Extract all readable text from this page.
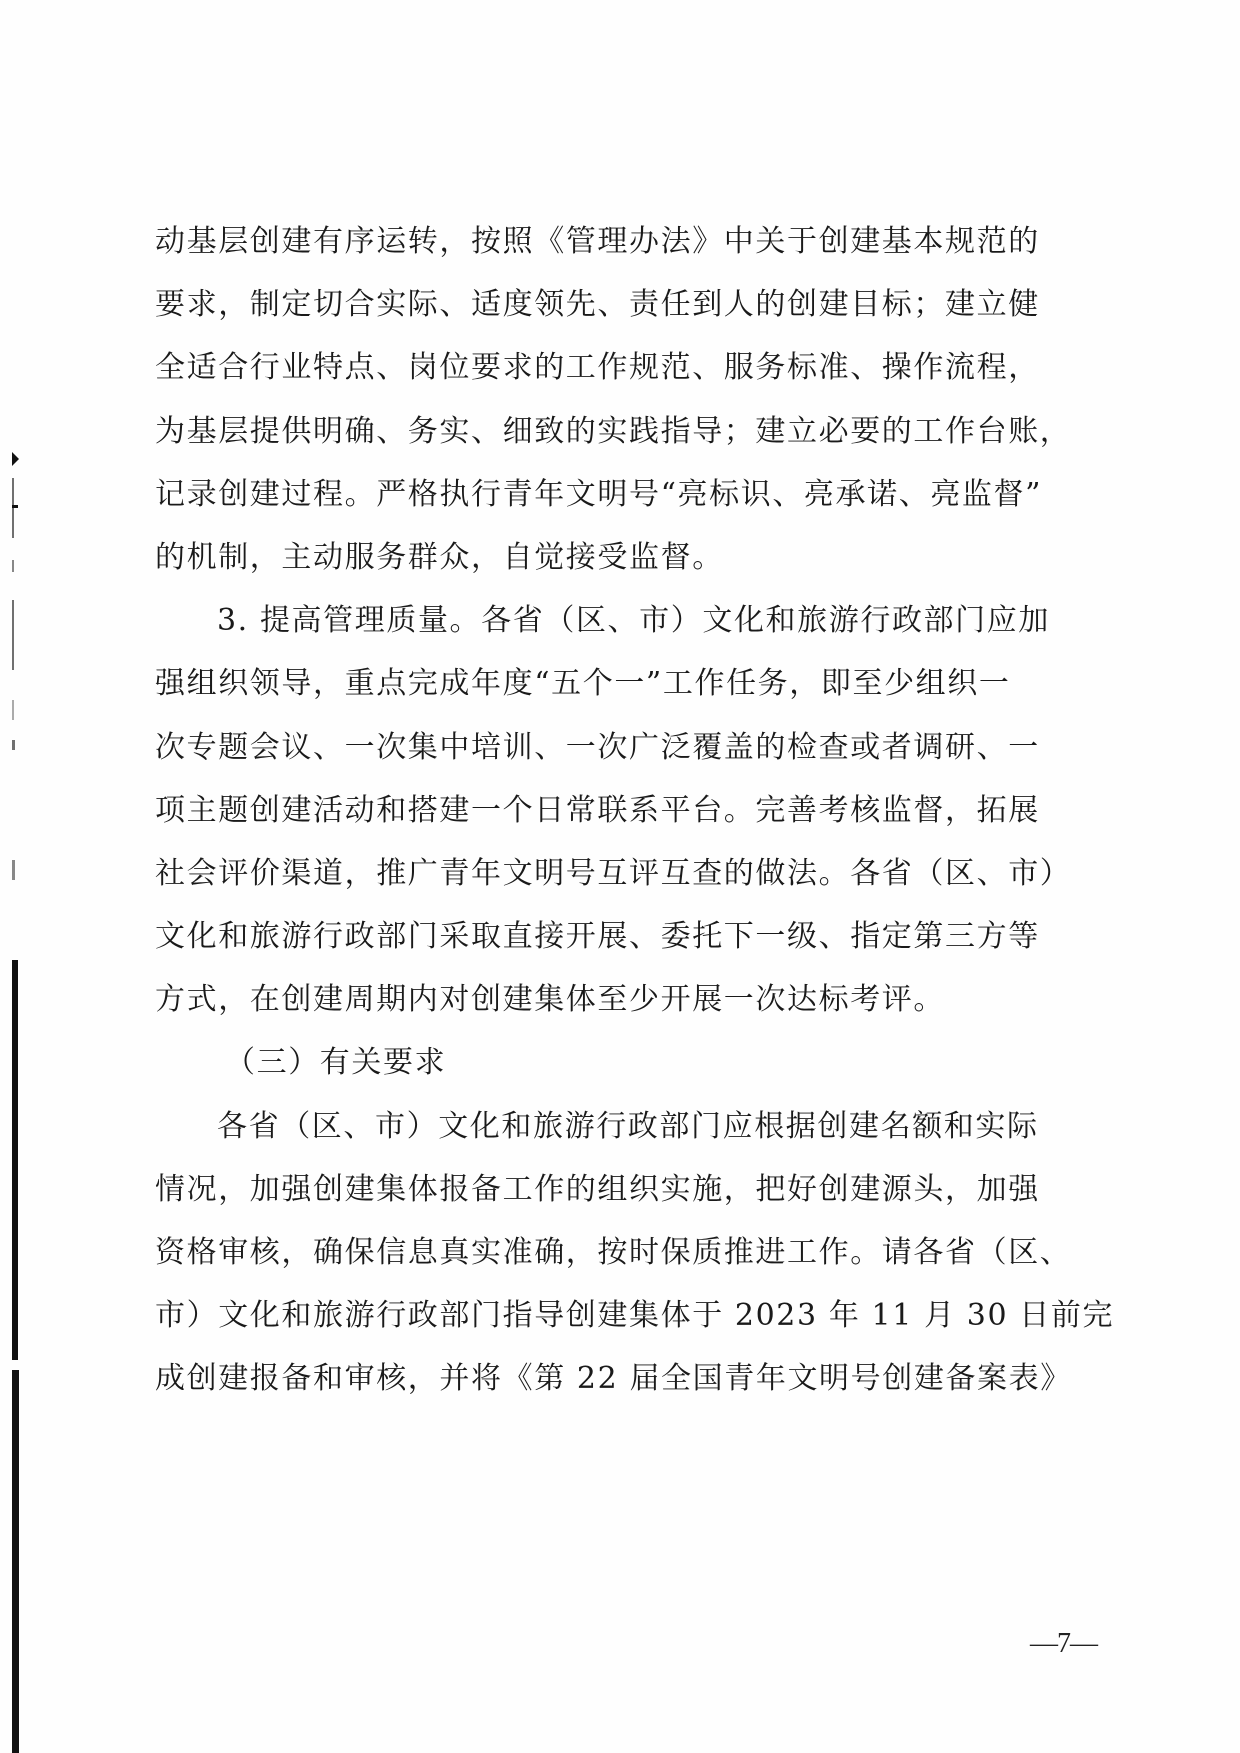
动基层创建有序运转，按照《管理办法》中关于创建基本规范的
要求，制定切合实际、适度领先、责任到人的创建目标；建立健
全适合行业特点、岗位要求的工作规范、服务标准、操作流程，
为基层提供明确、务实、细致的实践指导；建立必要的工作台账，
记录创建过程。严格执行青年文明号“亮标识、亮承诺、亮监督”
的机制，主动服务群众，自觉接受监督。
3. 提高管理质量。各省（区、市）文化和旅游行政部门应加
强组织领导，重点完成年度“五个一”工作任务，即至少组织一
次专题会议、一次集中培训、一次广泛覆盖的检查或者调研、一
项主题创建活动和搭建一个日常联系平台。完善考核监督，拓展
社会评价渠道，推广青年文明号互评互查的做法。各省（区、市）
文化和旅游行政部门采取直接开展、委托下一级、指定第三方等
方式，在创建周期内对创建集体至少开展一次达标考评。
（三）有关要求
各省（区、市）文化和旅游行政部门应根据创建名额和实际
情况，加强创建集体报备工作的组织实施，把好创建源头，加强
资格审核，确保信息真实准确，按时保质推进工作。请各省（区、
市）文化和旅游行政部门指导创建集体于 2023 年 11 月 30 日前完
成创建报备和审核，并将《第 22 届全国青年文明号创建备案表》
—7—
